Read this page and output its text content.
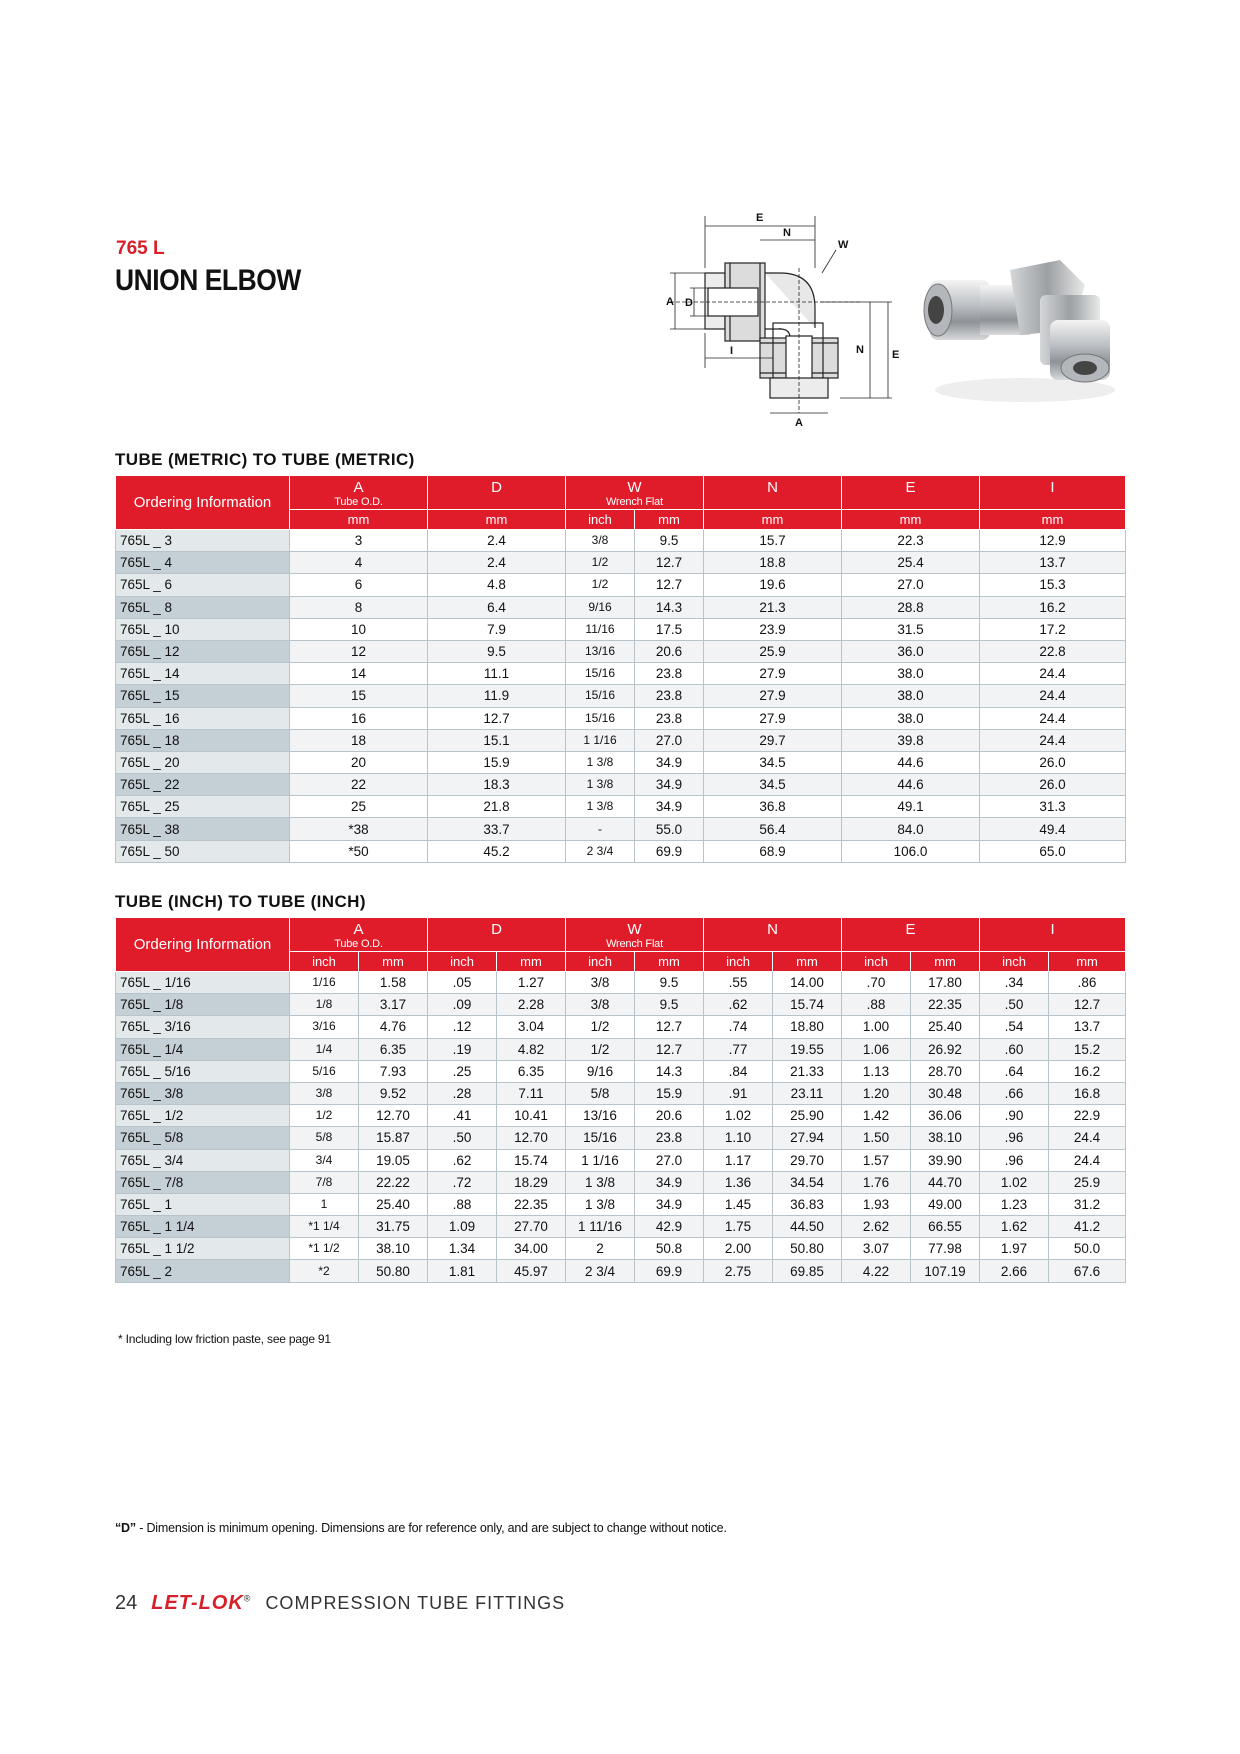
765 L
UNION ELBOW
E
N
W
A D
I	N	E
A
TUBE (METRIC) TO TUBE (METRIC)
Ordering Information	A
Tube O.D.	D	W
Wrench Flat		N	E	I
	mm	mm	inch	mm	mm	mm	mm
765L _ 3	3	2.4	3/8	9.5	15.7	22.3	12.9
765L _ 4	4	2.4	1/2	12.7	18.8	25.4	13.7
765L _ 6	6	4.8	1/2	12.7	19.6	27.0	15.3
765L _ 8	8	6.4	9/16	14.3	21.3	28.8	16.2
765L _ 10	10	7.9	11/16	17.5	23.9	31.5	17.2
765L _ 12	12	9.5	13/16	20.6	25.9	36.0	22.8
765L _ 14	14	11.1	15/16	23.8	27.9	38.0	24.4
765L _ 15	15	11.9	15/16	23.8	27.9	38.0	24.4
765L _ 16	16	12.7	15/16	23.8	27.9	38.0	24.4
765L _ 18	18	15.1	1 1/16	27.0	29.7	39.8	24.4
765L _ 20	20	15.9	1 3/8	34.9	34.5	44.6	26.0
765L _ 22	22	18.3	1 3/8	34.9	34.5	44.6	26.0
765L _ 25	25	21.8	1 3/8	34.9	36.8	49.1	31.3
765L _ 38	*38	33.7	-	55.0	56.4	84.0	49.4
765L _ 50	*50	45.2	2 3/4	69.9	68.9	106.0	65.0
TUBE (INCH) TO TUBE (INCH)
Ordering Information	A
Tube O.D.		D		W
Wrench Flat		N		E		I	
	inch	mm	inch	mm	inch	mm	inch	mm	inch	mm	inch	mm
765L _ 1/16	1/16	1.58	.05	1.27	3/8	9.5	.55	14.00	.70	17.80	.34	.86
765L _ 1/8	1/8	3.17	.09	2.28	3/8	9.5	.62	15.74	.88	22.35	.50	12.7
765L _ 3/16	3/16	4.76	.12	3.04	1/2	12.7	.74	18.80	1.00	25.40	.54	13.7
765L _ 1/4	1/4	6.35	.19	4.82	1/2	12.7	.77	19.55	1.06	26.92	.60	15.2
765L _ 5/16	5/16	7.93	.25	6.35	9/16	14.3	.84	21.33	1.13	28.70	.64	16.2
765L _ 3/8	3/8	9.52	.28	7.11	5/8	15.9	.91	23.11	1.20	30.48	.66	16.8
765L _ 1/2	1/2	12.70	.41	10.41	13/16	20.6	1.02	25.90	1.42	36.06	.90	22.9
765L _ 5/8	5/8	15.87	.50	12.70	15/16	23.8	1.10	27.94	1.50	38.10	.96	24.4
765L _ 3/4	3/4	19.05	.62	15.74	1 1/16	27.0	1.17	29.70	1.57	39.90	.96	24.4
765L _ 7/8	7/8	22.22	.72	18.29	1 3/8	34.9	1.36	34.54	1.76	44.70	1.02	25.9
765L _ 1	1	25.40	.88	22.35	1 3/8	34.9	1.45	36.83	1.93	49.00	1.23	31.2
765L _ 1 1/4	*1 1/4	31.75	1.09	27.70	1 11/16	42.9	1.75	44.50	2.62	66.55	1.62	41.2
765L _ 1 1/2	*1 1/2	38.10	1.34	34.00	2	50.8	2.00	50.80	3.07	77.98	1.97	50.0
765L _ 2	*2	50.80	1.81	45.97	2 3/4	69.9	2.75	69.85	4.22	107.19	2.66	67.6
* Including low friction paste, see page 91
“D” - Dimension is minimum opening. Dimensions are for reference only, and are subject to change without notice.
24 LET-LOK® COMPRESSION TUBE FITTINGS
